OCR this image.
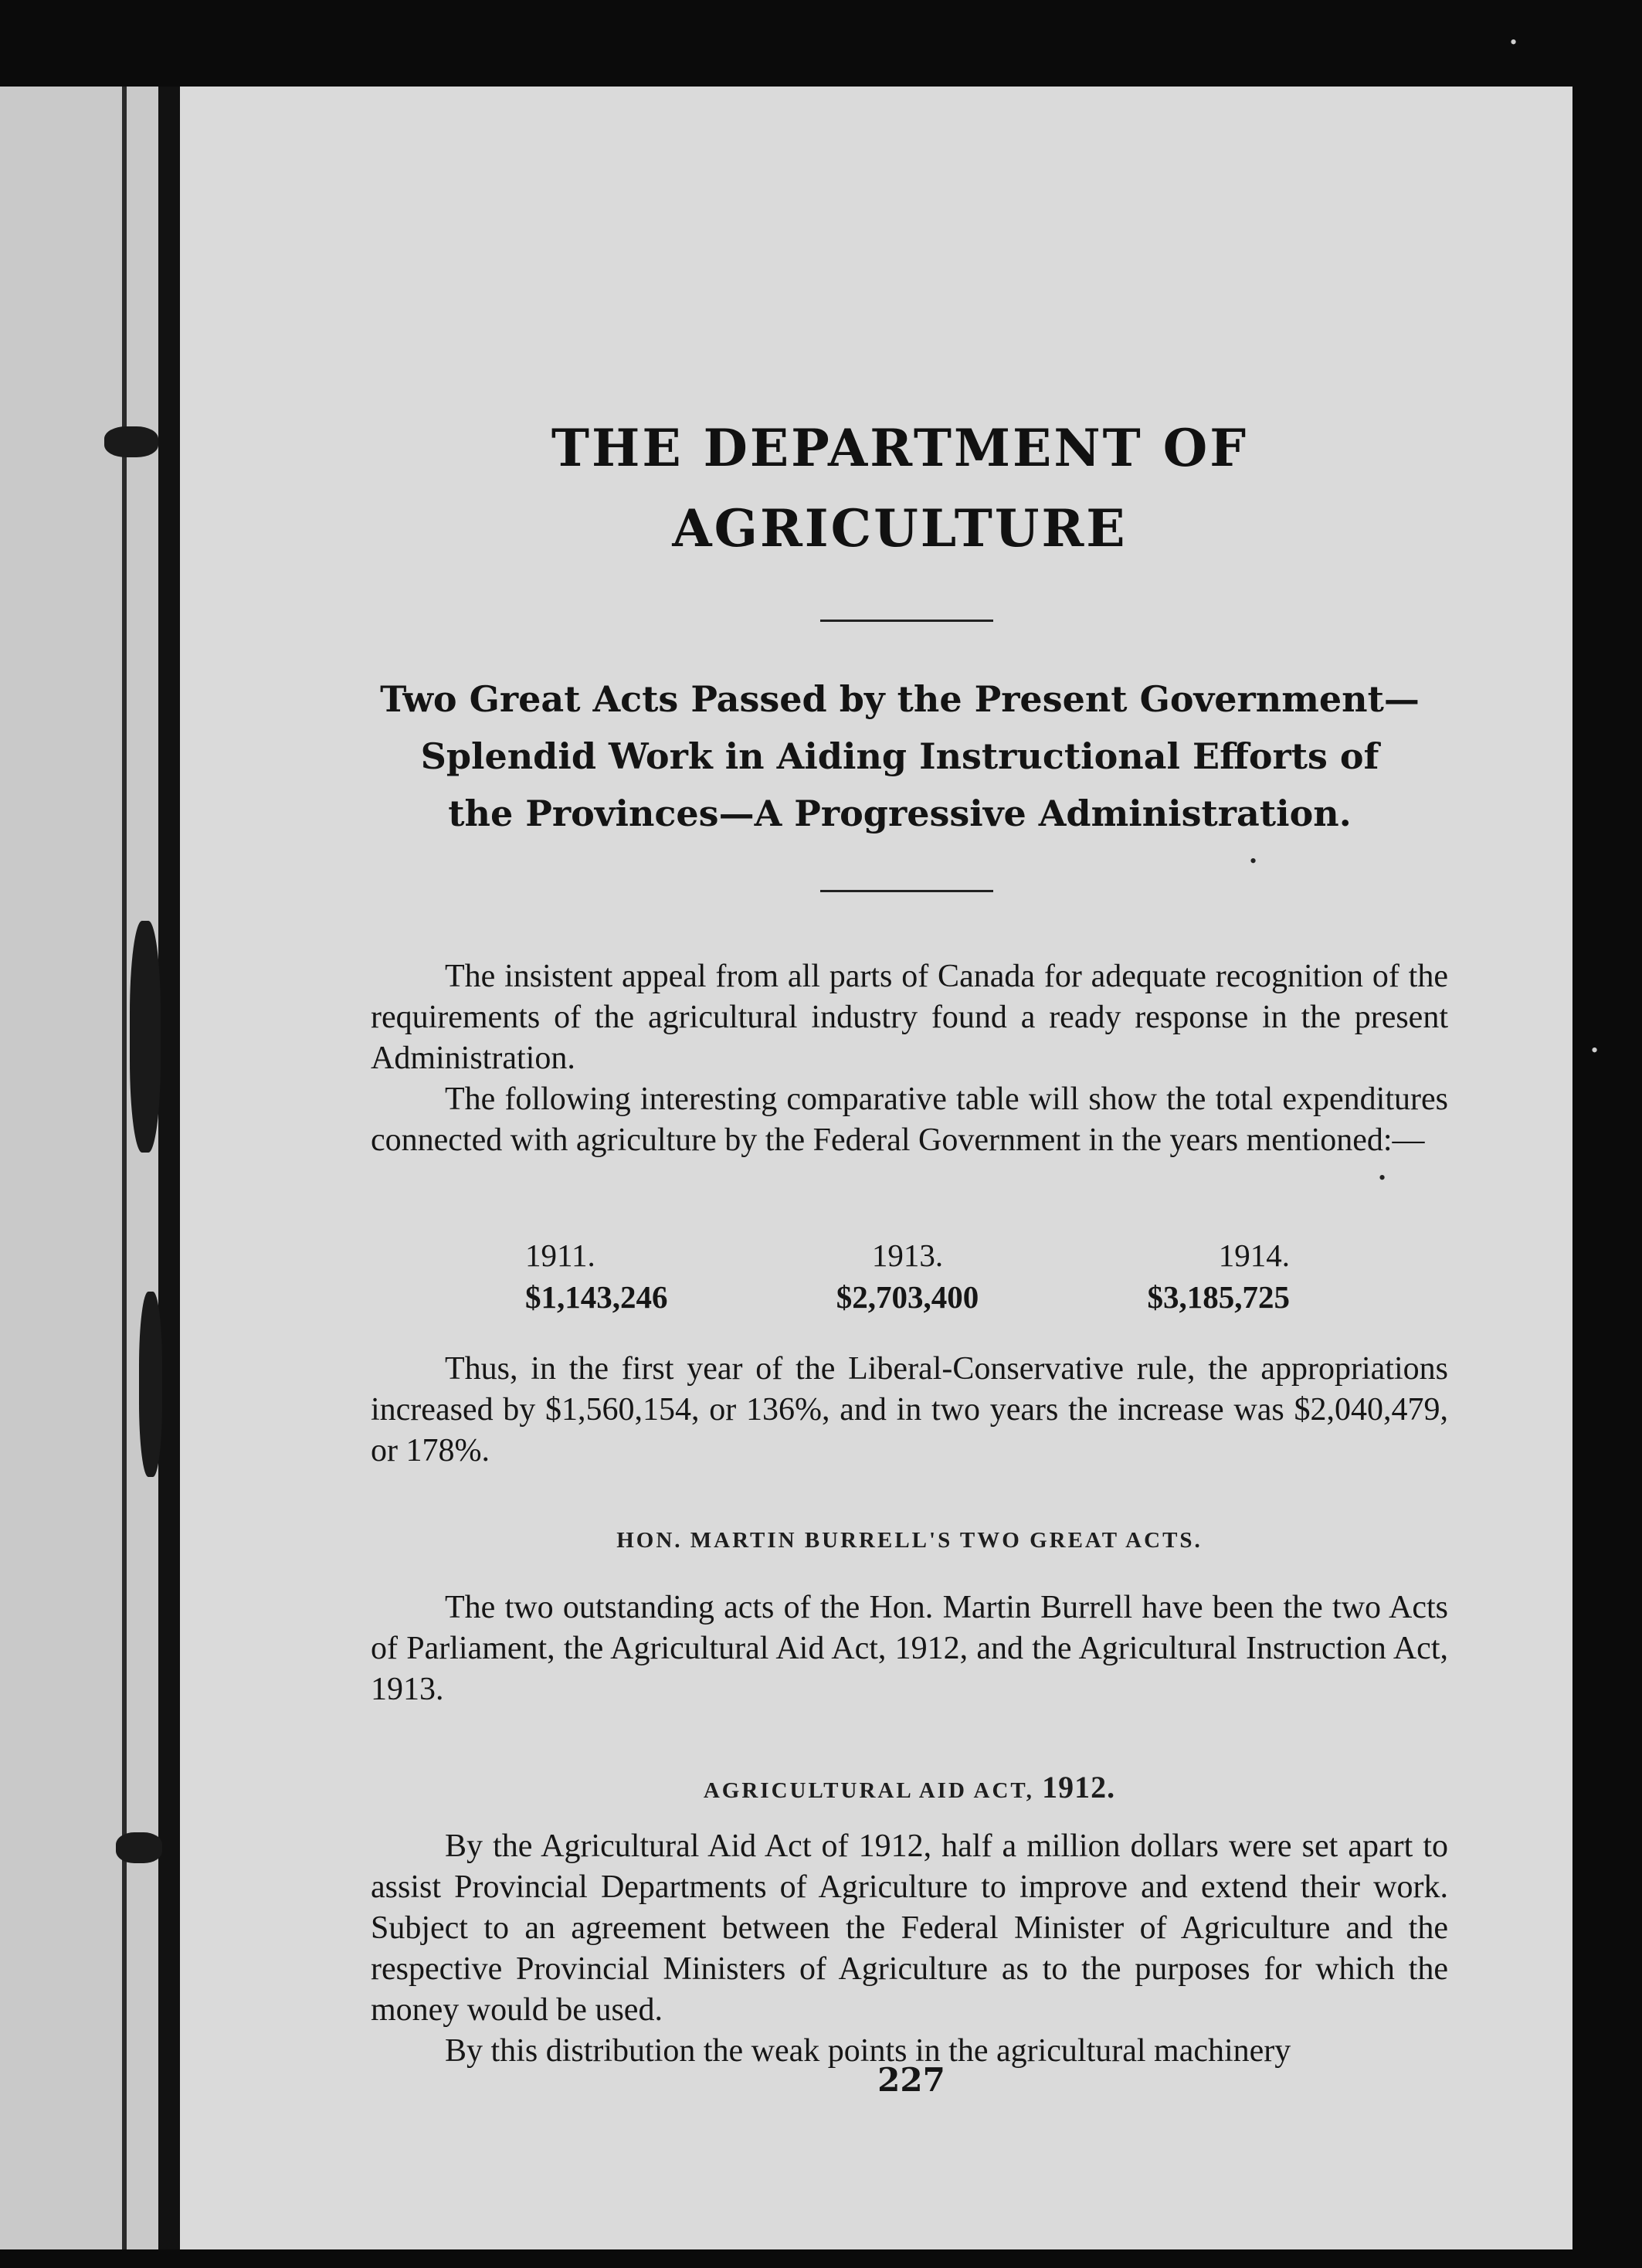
THE DEPARTMENT OF
AGRICULTURE

Two Great Acts Passed by the Present Government—

Splendid Work in Aiding Instructional Efforts of

the Provinces—A Progressive Administration.

The insistent appeal from all parts of Canada for adequate recognition of the requirements of the agricultural industry found a ready response in the present Administration.

The following interesting comparative table will show the total expenditures connected with agriculture by the Federal Government in the years mentioned:—

1911.
$1,143,246
1913.
$2,703,400
1914.
$3,185,725

Thus, in the first year of the Liberal-Conservative rule, the appropriations increased by $1,560,154, or 136%, and in two years the increase was $2,040,479, or 178%.

HON. MARTIN BURRELL'S TWO GREAT ACTS.

The two outstanding acts of the Hon. Martin Burrell have been the two Acts of Parliament, the Agricultural Aid Act, 1912, and the Agricultural Instruction Act, 1913.

AGRICULTURAL AID ACT, 1912.

By the Agricultural Aid Act of 1912, half a million dollars were set apart to assist Provincial Departments of Agriculture to improve and extend their work. Subject to an agreement between the Federal Minister of Agriculture and the respective Provincial Ministers of Agriculture as to the purposes for which the money would be used.

By this distribution the weak points in the agricultural machinery

227
•
•
•
•
